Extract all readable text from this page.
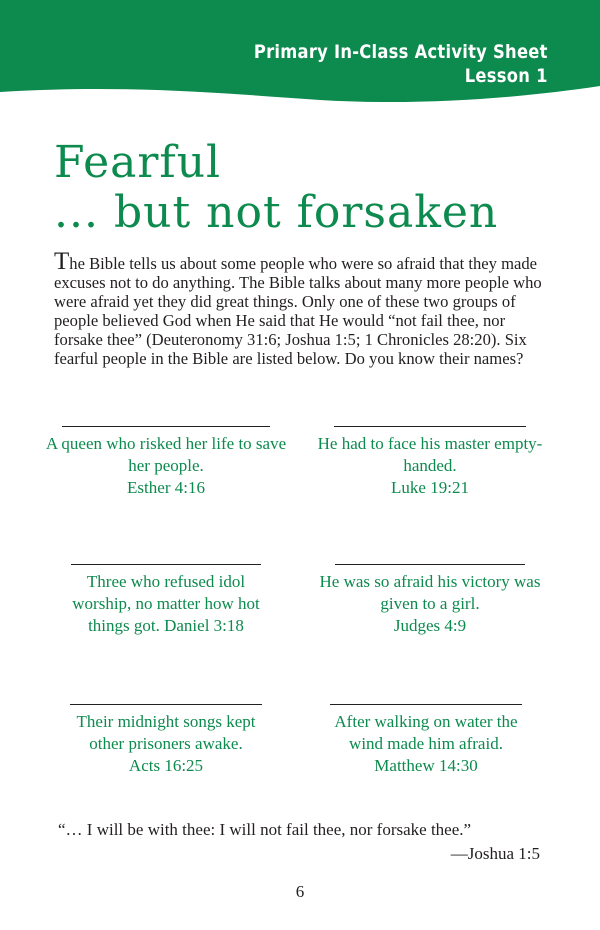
Primary In-Class Activity Sheet
Lesson 1
Fearful
... but not forsaken

The Bible tells us about some people who were so afraid that they made excuses not to do anything. The Bible talks about many more people who were afraid yet they did great things. Only one of these two groups of people believed God when He said that He would “not fail thee, nor forsake thee” (Deuteronomy 31:6; Joshua 1:5; 1 Chronicles 28:20). Six fearful people in the Bible are listed below. Do you know their names?

A queen who risked her life to save her people.

Esther 4:16

He had to face his master empty-handed.

Luke 19:21

Three who refused idol worship, no matter how hot things got. Daniel 3:18

He was so afraid his victory was given to a girl.

Judges 4:9

Their midnight songs kept other prisoners awake.

Acts 16:25

After walking on water the wind made him afraid.

Matthew 14:30

“… I will be with thee: I will not fail thee, nor forsake thee.”
—Joshua 1:5
6
